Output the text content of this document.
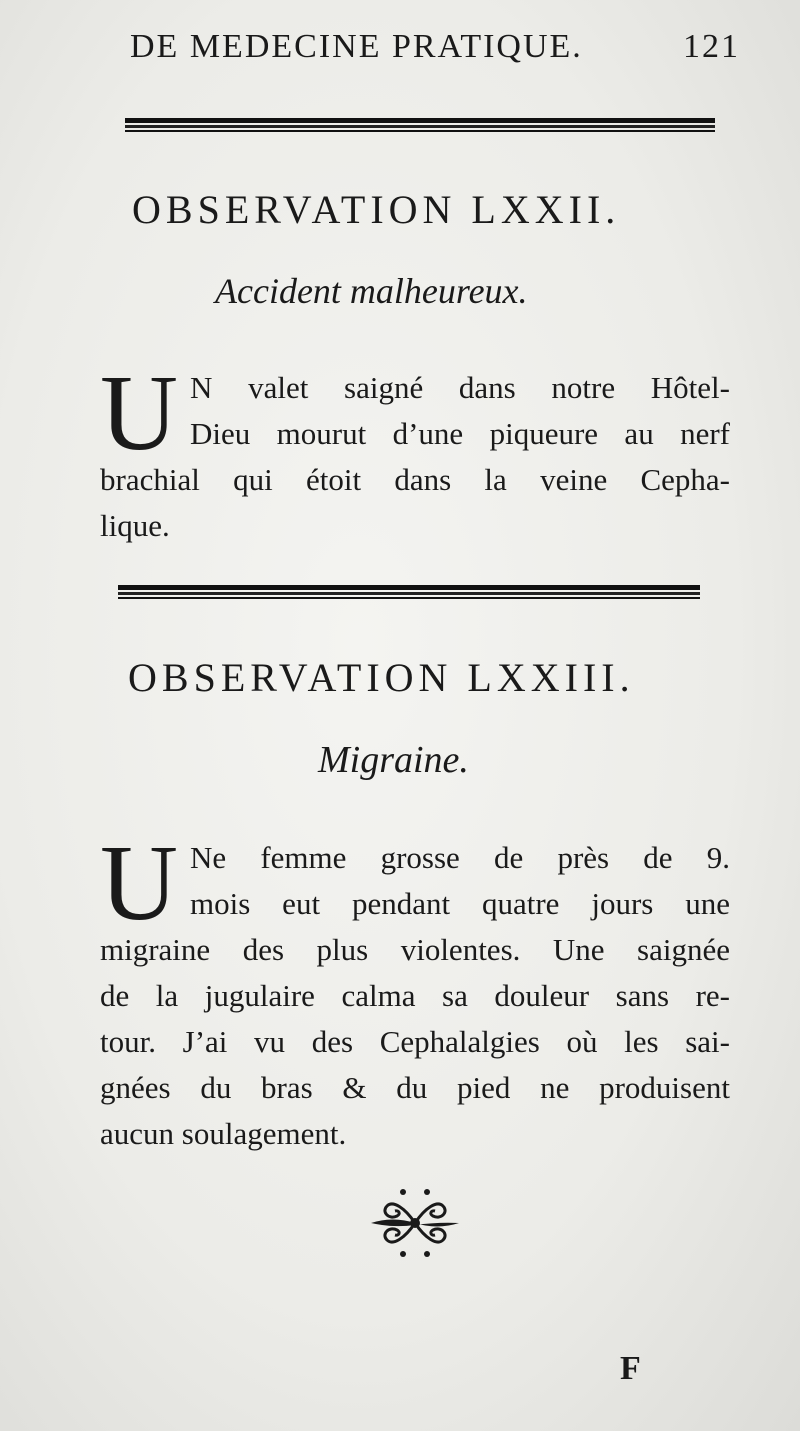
DE MEDECINE PRATIQUE.	121
OBSERVATION LXXII.
Accident malheureux.
U N valet saigné dans notre Hôtel-
Dieu mourut d’une piqueure au nerf
brachial qui étoit dans la veine Cepha-
lique.
OBSERVATION LXXIII.
Migraine.
U Ne femme grosse de près de 9.
mois eut pendant quatre jours une
migraine des plus violentes. Une saignée
de la jugulaire calma sa douleur sans re-
tour. J’ai vu des Cephalalgies où les sai-
gnées du bras & du pied ne produisent
aucun soulagement.
F
